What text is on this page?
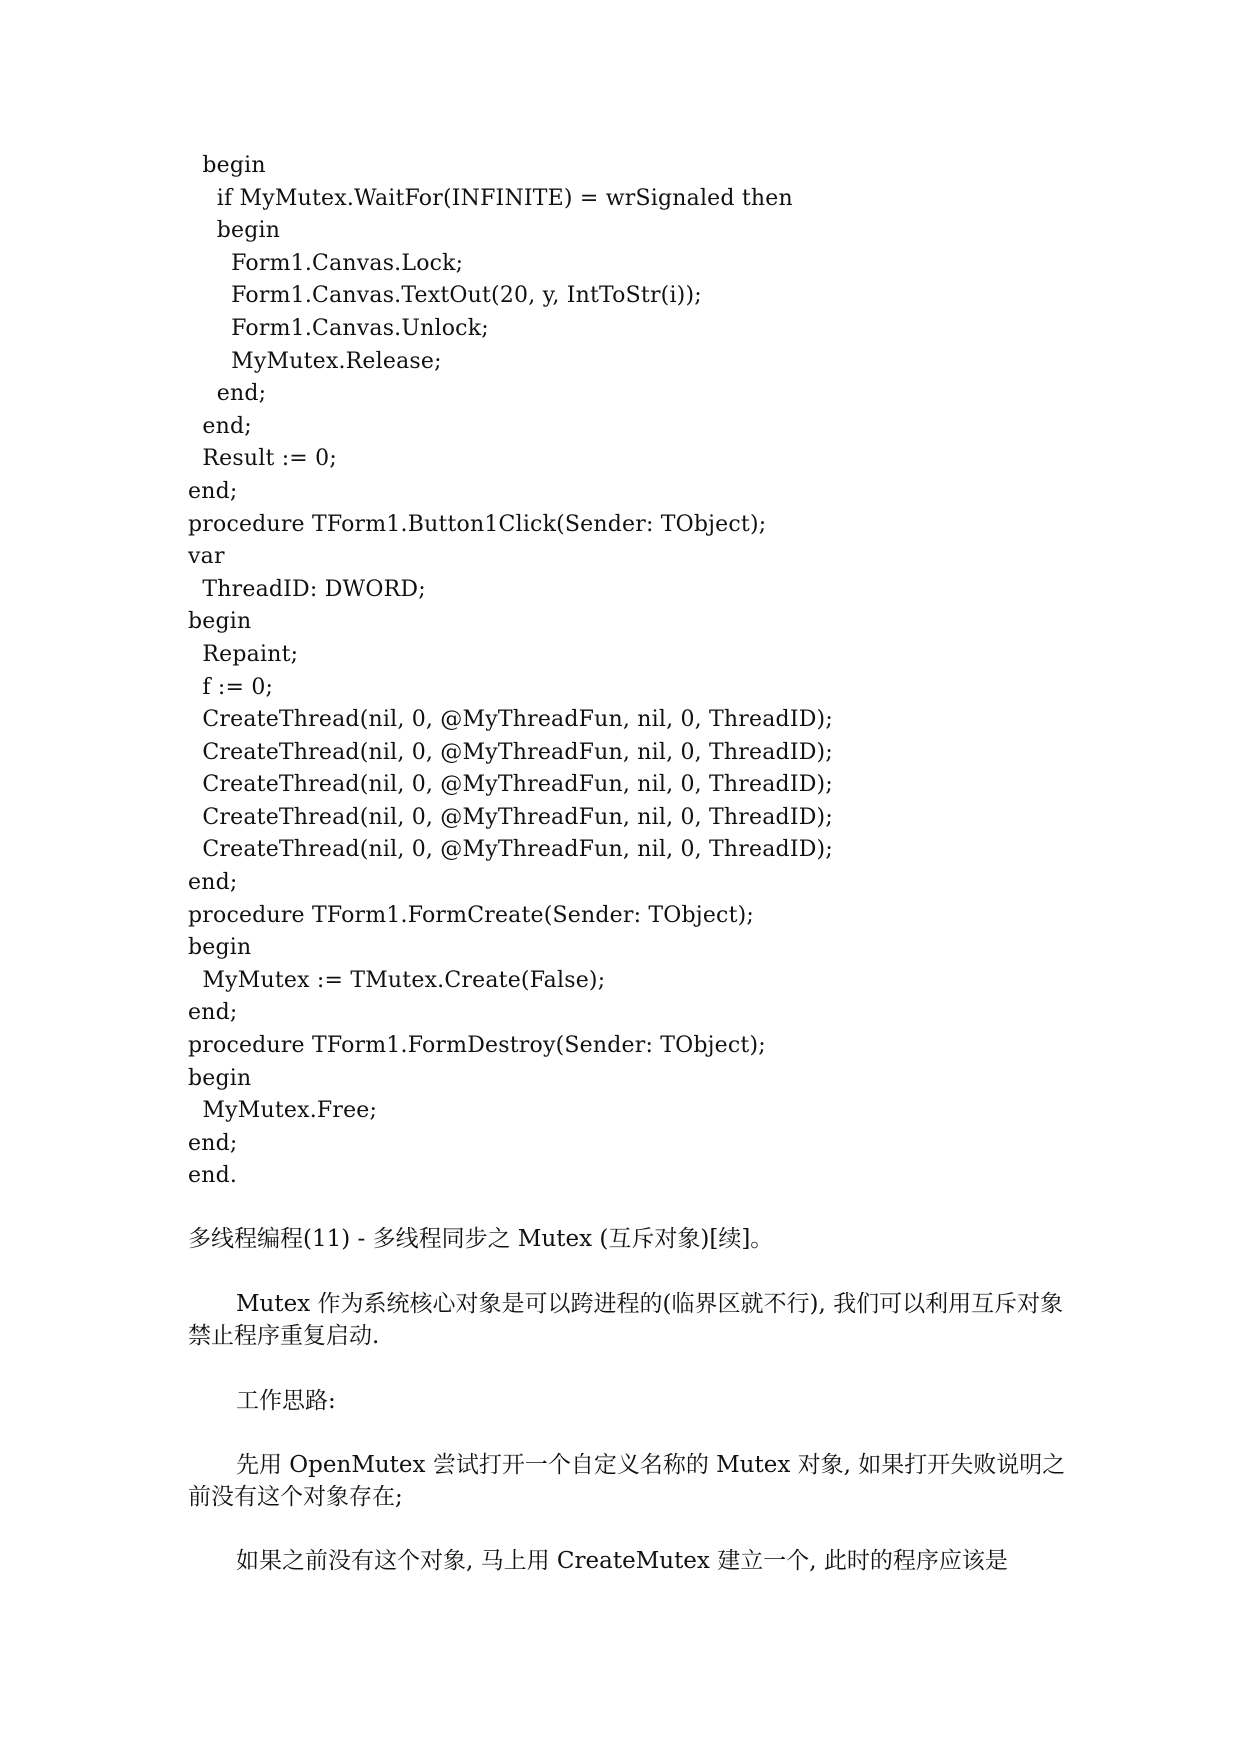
begin
if MyMutex.WaitFor(INFINITE) = wrSignaled then
begin
Form1.Canvas.Lock;
Form1.Canvas.TextOut(20, y, IntToStr(i));
Form1.Canvas.Unlock;
MyMutex.Release;
end;
end;
Result := 0;
end;
procedure TForm1.Button1Click(Sender: TObject);
var
ThreadID: DWORD;
begin
Repaint;
f := 0;
CreateThread(nil, 0, @MyThreadFun, nil, 0, ThreadID);
CreateThread(nil, 0, @MyThreadFun, nil, 0, ThreadID);
CreateThread(nil, 0, @MyThreadFun, nil, 0, ThreadID);
CreateThread(nil, 0, @MyThreadFun, nil, 0, ThreadID);
CreateThread(nil, 0, @MyThreadFun, nil, 0, ThreadID);
end;
procedure TForm1.FormCreate(Sender: TObject);
begin
MyMutex := TMutex.Create(False);
end;
procedure TForm1.FormDestroy(Sender: TObject);
begin
MyMutex.Free;
end;
end.

多线程编程(11) - 多线程同步之 Mutex (互斥对象)[续]。

Mutex 作为系统核心对象是可以跨进程的(临界区就不行), 我们可以利用互斥对象禁止程序重复启动.

工作思路:

先用 OpenMutex 尝试打开一个自定义名称的 Mutex 对象, 如果打开失败说明之前没有这个对象存在;

如果之前没有这个对象, 马上用 CreateMutex 建立一个, 此时的程序应该是
